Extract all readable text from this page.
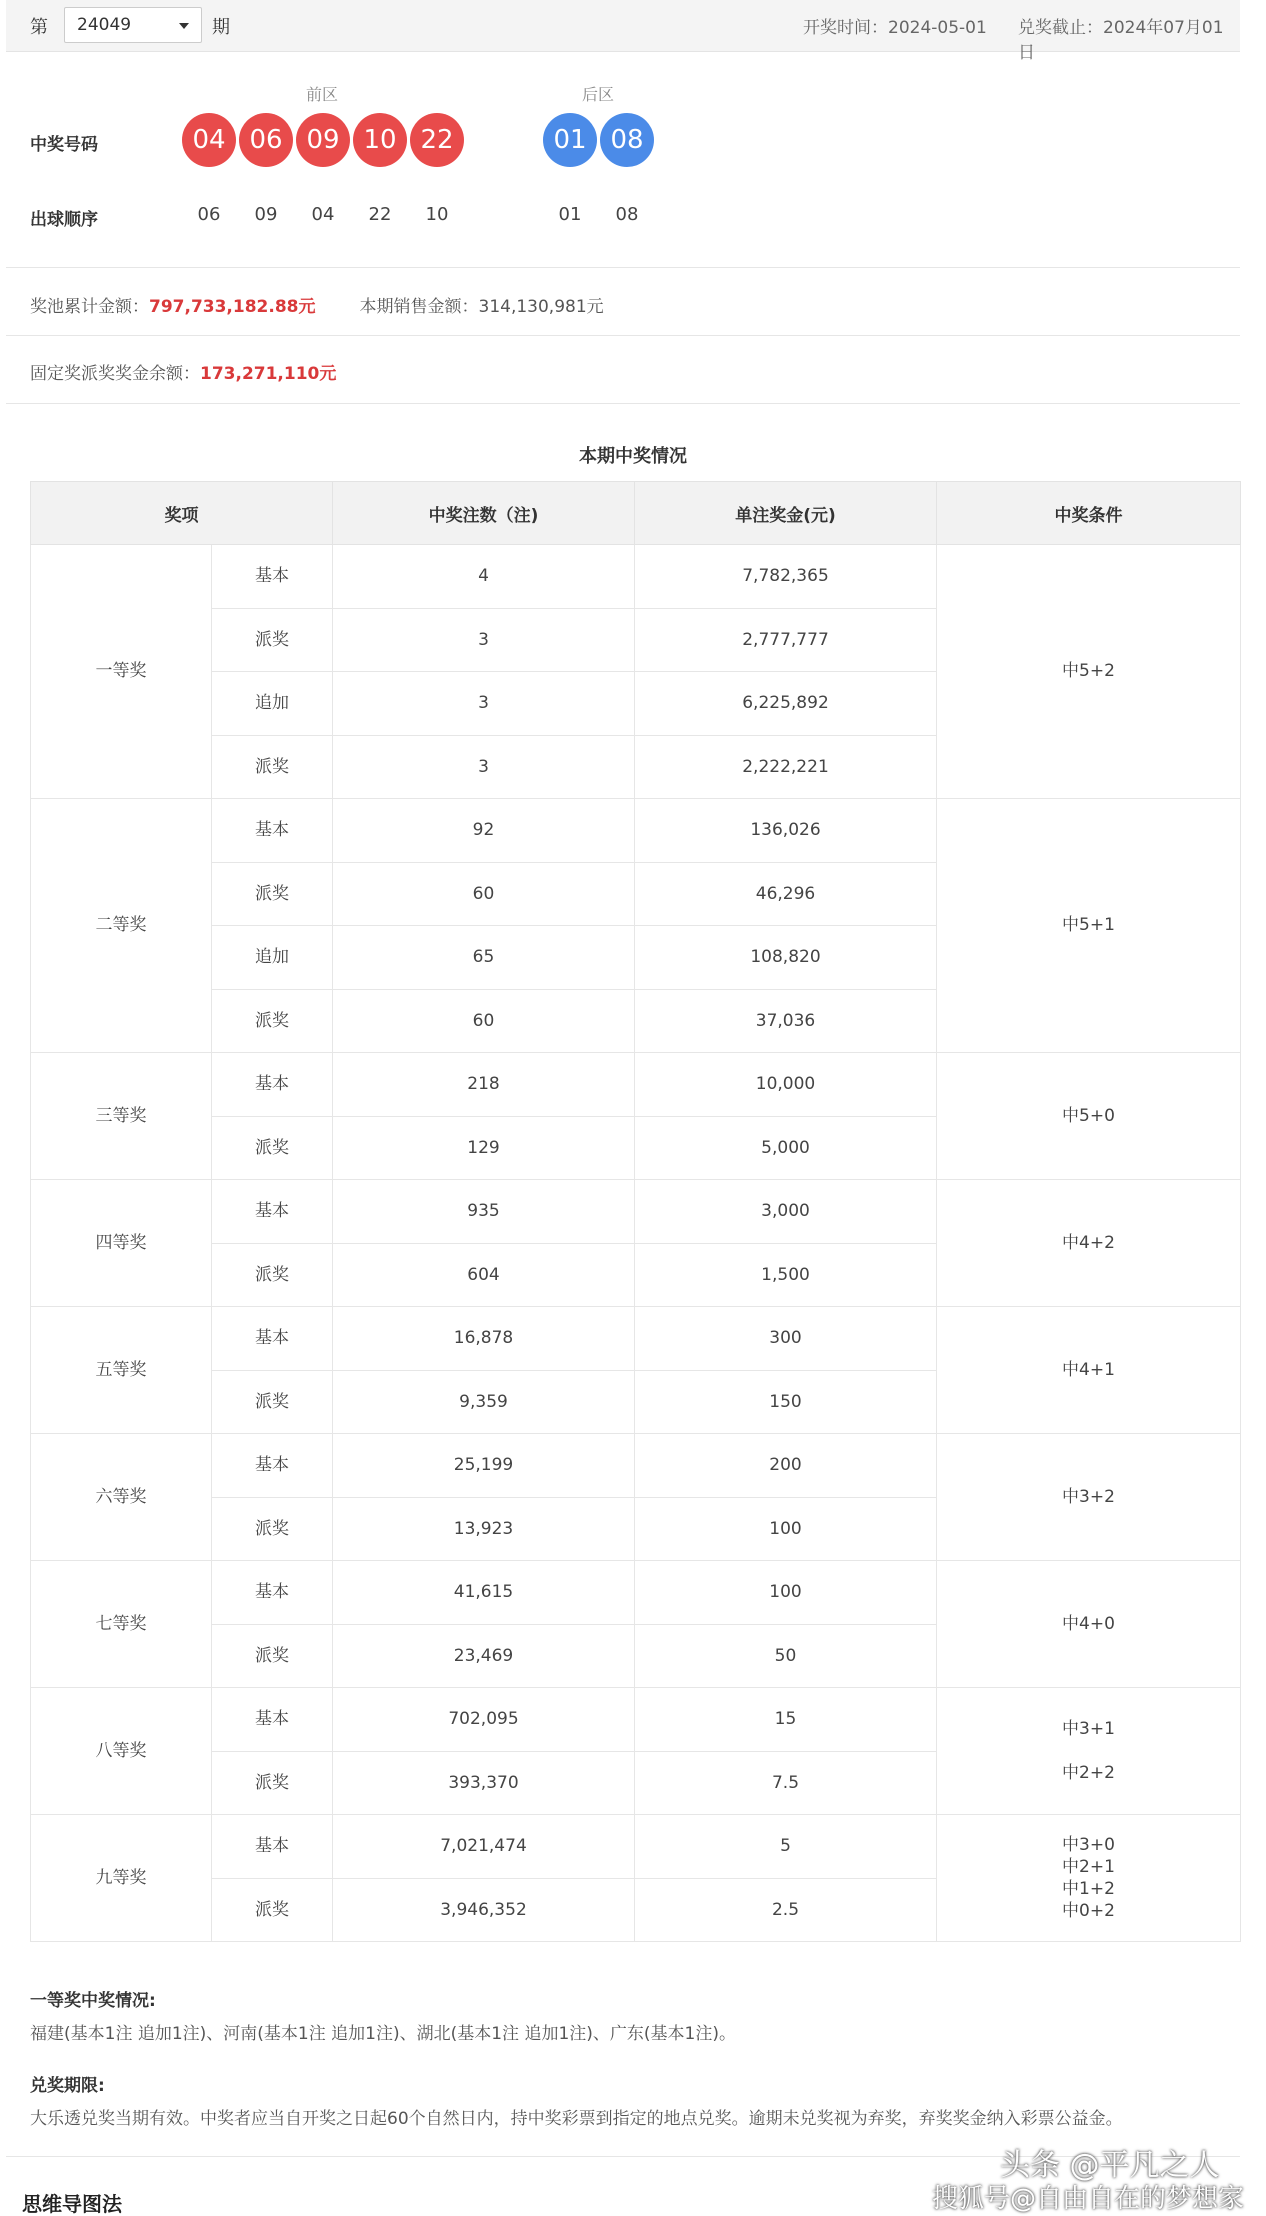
第 24049	期	开奖时间：2024-05-01 兑奖截止：2024年07月01日
前区	后区
中奖号码
出球顺序
04 06 09 10 22	01 08
06	09	04	22	10	01	08
奖池累计金额：797,733,182.88元	本期销售金额：314,130,981元
固定奖派奖奖金余额：173,271,110元
本期中奖情况
奖项		中奖注数（注)	单注奖金(元)	中奖条件
一等奖	基本	4	7,782,365	中5+2
	派奖	3	2,777,777	
	追加	3	6,225,892	
	派奖	3	2,222,221	
二等奖	基本	92	136,026	中5+1
	派奖	60	46,296	
	追加	65	108,820	
	派奖	60	37,036	
三等奖	基本	218	10,000	中5+0
	派奖	129	5,000	
四等奖	基本	935	3,000	中4+2
	派奖	604	1,500	
五等奖	基本	16,878	300	中4+1
	派奖	9,359	150	
六等奖	基本	25,199	200	中3+2
	派奖	13,923	100	
七等奖	基本	41,615	100	中4+0
	派奖	23,469	50	
八等奖	基本	702,095	15	中3+1

中2+2
	派奖	393,370	7.5	
九等奖	基本	7,021,474	5	中3+0
中2+1
中1+2
中0+2
	派奖	3,946,352	2.5	
一等奖中奖情况:
福建(基本1注 追加1注)、河南(基本1注 追加1注)、湖北(基本1注 追加1注)、广东(基本1注)。
兑奖期限:
大乐透兑奖当期有效。中奖者应当自开奖之日起60个自然日内，持中奖彩票到指定的地点兑奖。逾期未兑奖视为弃奖，弃奖奖金纳入彩票公益金。
思维导图法
头条 @平凡之人
搜狐号@自由自在的梦想家
